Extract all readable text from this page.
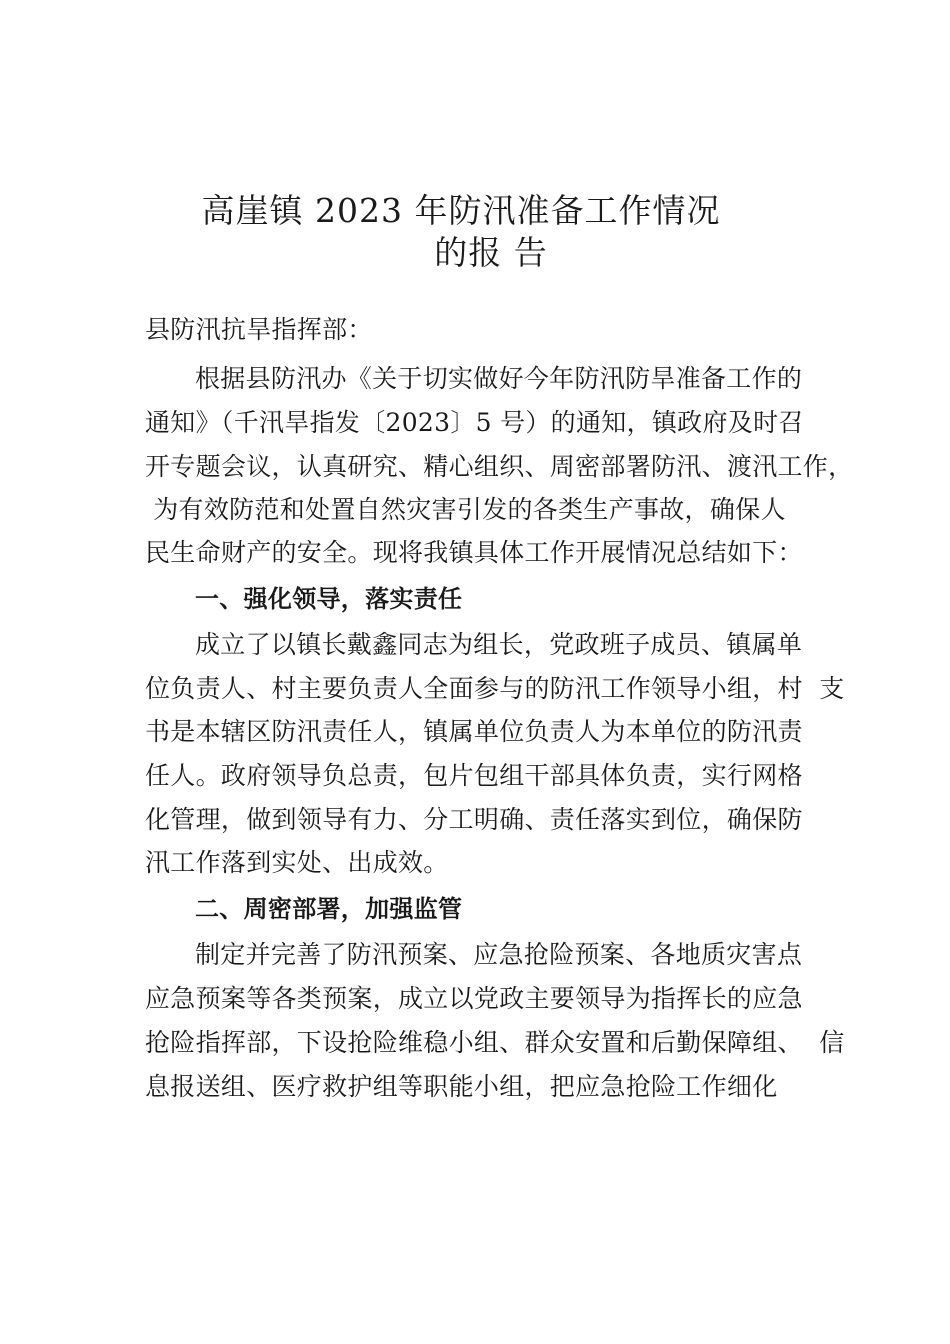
高崖镇 2023 年防汛准备工作情况
的报 告
县防汛抗旱指挥部：
根据县防汛办《关于切实做好今年防汛防旱准备工作的
通知》（千汛旱指发〔2023〕5 号）的通知，镇政府及时召
开专题会议，认真研究、精心组织、周密部署防汛、渡汛工作，
为有效防范和处置自然灾害引发的各类生产事故，确保人
民生命财产的安全。现将我镇具体工作开展情况总结如下：
一、强化领导，落实责任
成立了以镇长戴鑫同志为组长，党政班子成员、镇属单
位负责人、村主要负责人全面参与的防汛工作领导小组，村  支
书是本辖区防汛责任人，镇属单位负责人为本单位的防汛责
任人。政府领导负总责，包片包组干部具体负责，实行网格
化管理，做到领导有力、分工明确、责任落实到位，确保防
汛工作落到实处、出成效。
二、周密部署，加强监管
制定并完善了防汛预案、应急抢险预案、各地质灾害点
应急预案等各类预案，成立以党政主要领导为指挥长的应急
抢险指挥部，下设抢险维稳小组、群众安置和后勤保障组、  信
息报送组、医疗救护组等职能小组，把应急抢险工作细化
